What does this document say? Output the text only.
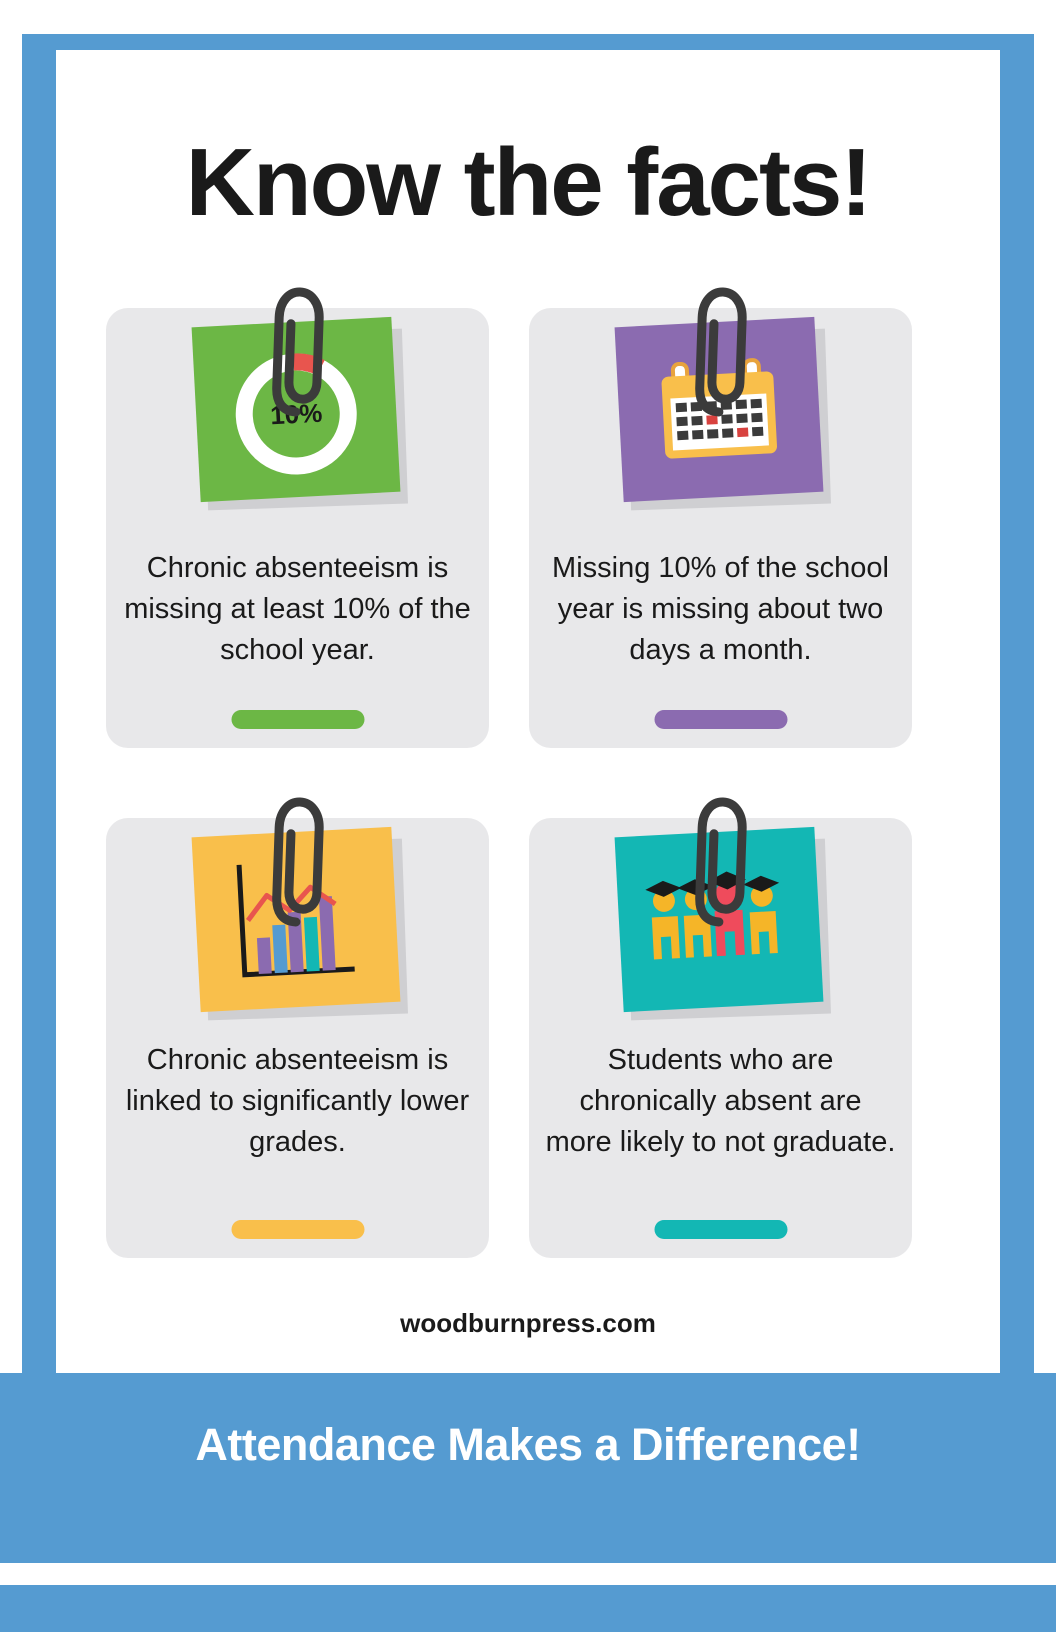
Know the facts!
10%
Chronic absenteeism is missing at least 10% of the school year.
Missing 10% of the school year is missing about two days a month.
Chronic absenteeism is linked to significantly lower grades.
Students who are chronically absent are more likely to not graduate.
woodburnpress.com
Attendance Makes a Difference!
